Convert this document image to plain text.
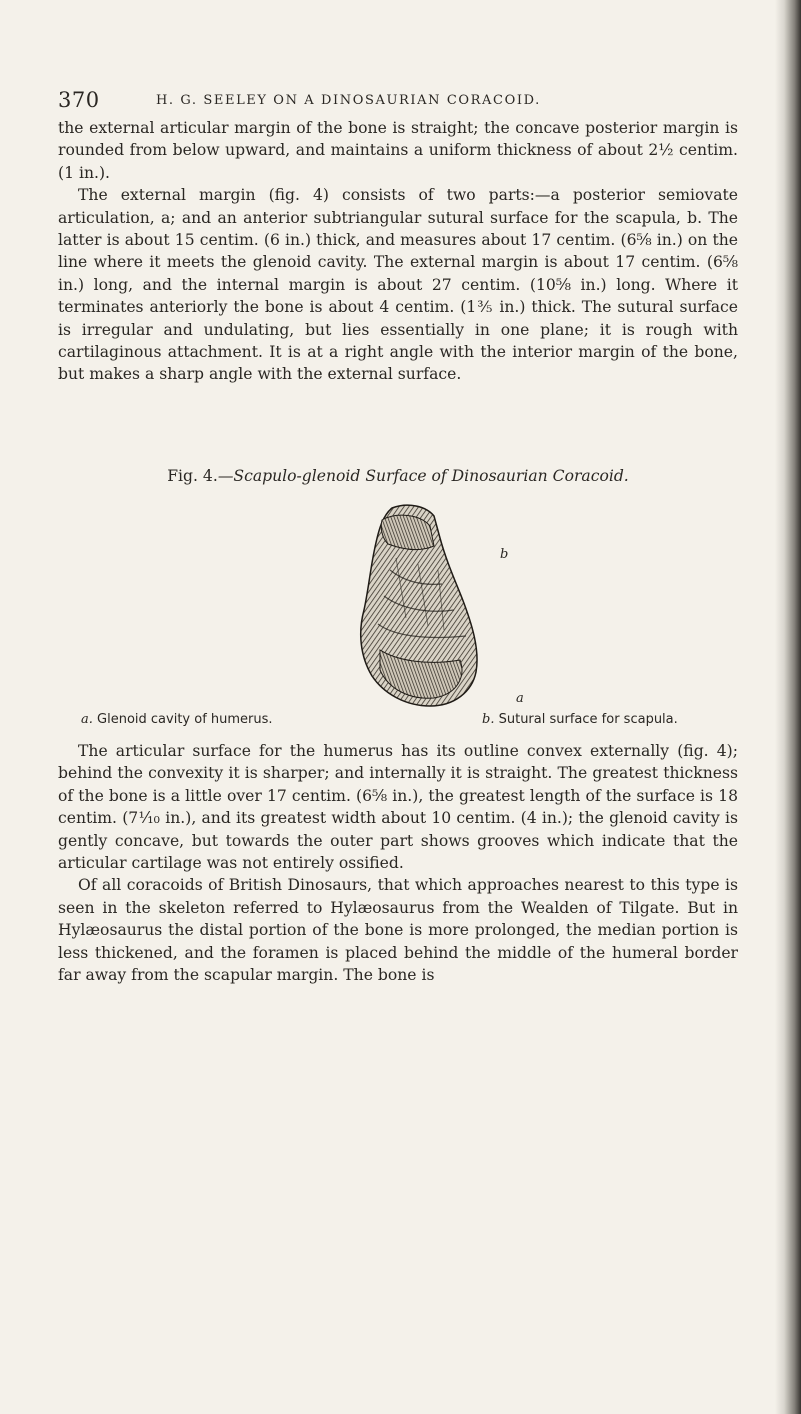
370	H. G. SEELEY ON A DINOSAURIAN CORACOID.

the external articular margin of the bone is straight; the concave posterior margin is rounded from below upward, and maintains a uniform thickness of about 2½ centim. (1 in.).

The external margin (fig. 4) consists of two parts:—a posterior semiovate articulation, a; and an anterior subtriangular sutural surface for the scapula, b. The latter is about 15 centim. (6 in.) thick, and measures about 17 centim. (6⅝ in.) on the line where it meets the glenoid cavity. The external margin is about 17 centim. (6⅝ in.) long, and the internal margin is about 27 centim. (10⅝ in.) long. Where it terminates anteriorly the bone is about 4 centim. (1⅗ in.) thick. The sutural surface is irregular and undulating, but lies essentially in one plane; it is rough with cartilaginous attachment. It is at a right angle with the interior margin of the bone, but makes a sharp angle with the external surface.

Fig. 4.—Scapulo-glenoid Surface of Dinosaurian Coracoid.
b
a
a. Glenoid cavity of humerus.	b. Sutural surface for scapula.

The articular surface for the humerus has its outline convex externally (fig. 4); behind the convexity it is sharper; and internally it is straight. The greatest thickness of the bone is a little over 17 centim. (6⅝ in.), the greatest length of the surface is 18 centim. (7⅒ in.), and its greatest width about 10 centim. (4 in.); the glenoid cavity is gently concave, but towards the outer part shows grooves which indicate that the articular cartilage was not entirely ossified.

Of all coracoids of British Dinosaurs, that which approaches nearest to this type is seen in the skeleton referred to Hylæosaurus from the Wealden of Tilgate. But in Hylæosaurus the distal portion of the bone is more prolonged, the median portion is less thickened, and the foramen is placed behind the middle of the humeral border far away from the scapular margin. The bone is
